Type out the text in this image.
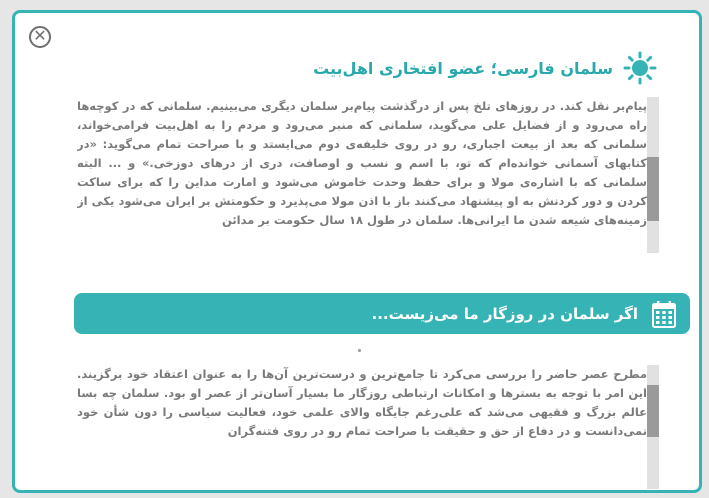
✕
سلمان فارسی؛ عضو افتخاری اهل‌بیت
پیام‌بر نقل کند. در روزهای تلخ پس از درگذشت پیام‌بر سلمان دیگری می‌بینیم. سلمانی که در کوچه‌ها راه می‌رود و از فضایل علی می‌گوید، سلمانی که منبر می‌رود و مردم را به اهل‌بیت فرامی‌خواند، سلمانی که بعد از بیعت اجباری، رو در روی خلیفه‌ی دوم می‌ایستد و با صراحت تمام می‌گوید: «در کتابهای آسمانی خوانده‌ام که تو، با اسم و نسب و اوصافت، دری از درهای دوزخی.» و ... البته سلمانی که با اشاره‌ی مولا و برای حفظ وحدت خاموش می‌شود و امارت مداین را که برای ساکت کردن و دور کردنش به او پیشنهاد می‌کنند باز با اذن مولا می‌پذیرد و حکومتش بر ایران می‌شود یکی از زمینه‌های شیعه شدن ما ایرانی‌ها. سلمان در طول ۱۸ سال حکومت بر مدائن
اگر سلمان در روزگار ما می‌زیست...
مطرح عصر حاضر را بررسی می‌کرد تا جامع‌ترین و درست‌ترین آن‌ها را به عنوان اعتقاد خود برگزیند. این امر با توجه به بسترها و امکانات ارتباطی روزگار ما بسیار آسان‌تر از عصر او بود. سلمان چه بسا عالم بزرگ و فقیهی می‌شد که علی‌رغم جایگاه والای علمی خود، فعالیت سیاسی را دون شأن خود نمی‌دانست و در دفاع از حق و حقیقت با صراحت تمام رو در روی فتنه‌گران
